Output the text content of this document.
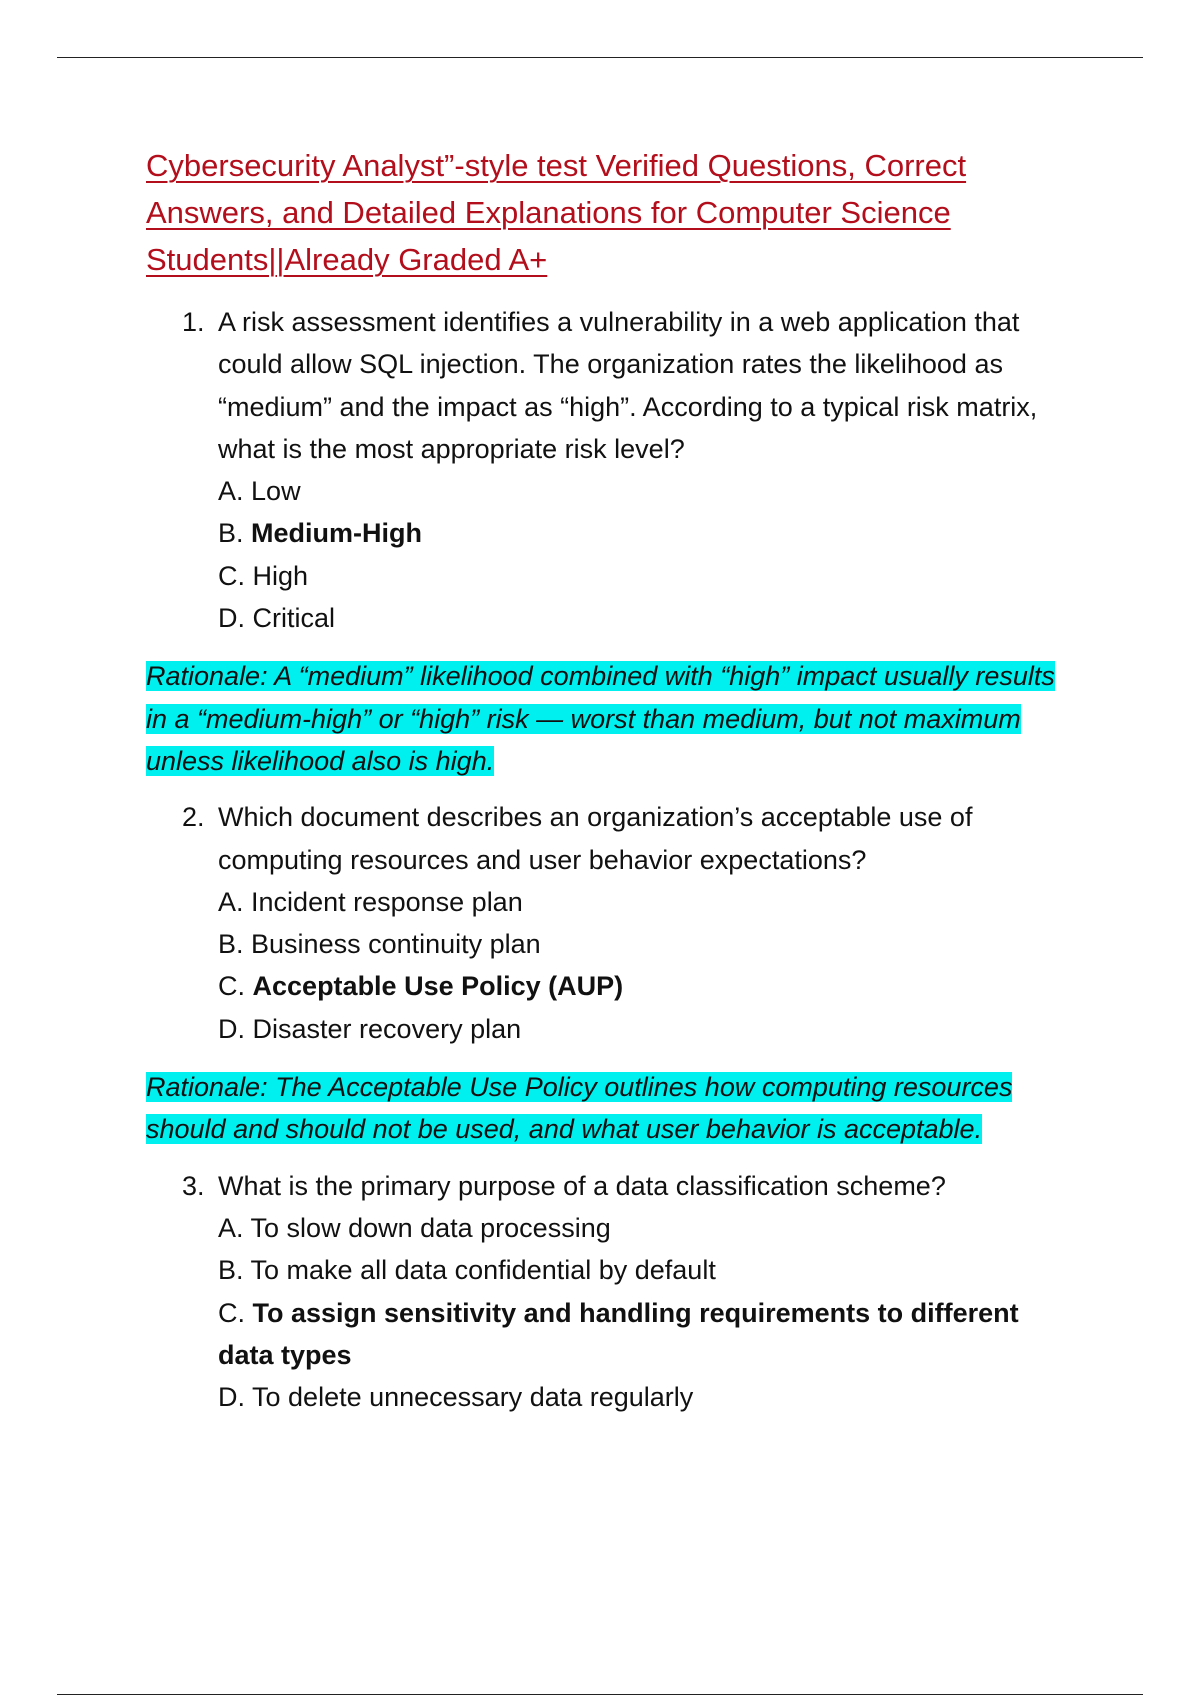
Cybersecurity Analyst”-style test Verified Questions, Correct Answers, and Detailed Explanations for Computer Science Students||Already Graded A+
1. A risk assessment identifies a vulnerability in a web application that could allow SQL injection. The organization rates the likelihood as “medium” and the impact as “high”. According to a typical risk matrix, what is the most appropriate risk level?
A. Low
B. Medium-High
C. High
D. Critical

Rationale: A “medium” likelihood combined with “high” impact usually results in a “medium-high” or “high” risk — worst than medium, but not maximum unless likelihood also is high.

2. Which document describes an organization’s acceptable use of computing resources and user behavior expectations?
A. Incident response plan
B. Business continuity plan
C. Acceptable Use Policy (AUP)
D. Disaster recovery plan

Rationale: The Acceptable Use Policy outlines how computing resources should and should not be used, and what user behavior is acceptable.

3. What is the primary purpose of a data classification scheme?
A. To slow down data processing
B. To make all data confidential by default
C. To assign sensitivity and handling requirements to different data types
D. To delete unnecessary data regularly
